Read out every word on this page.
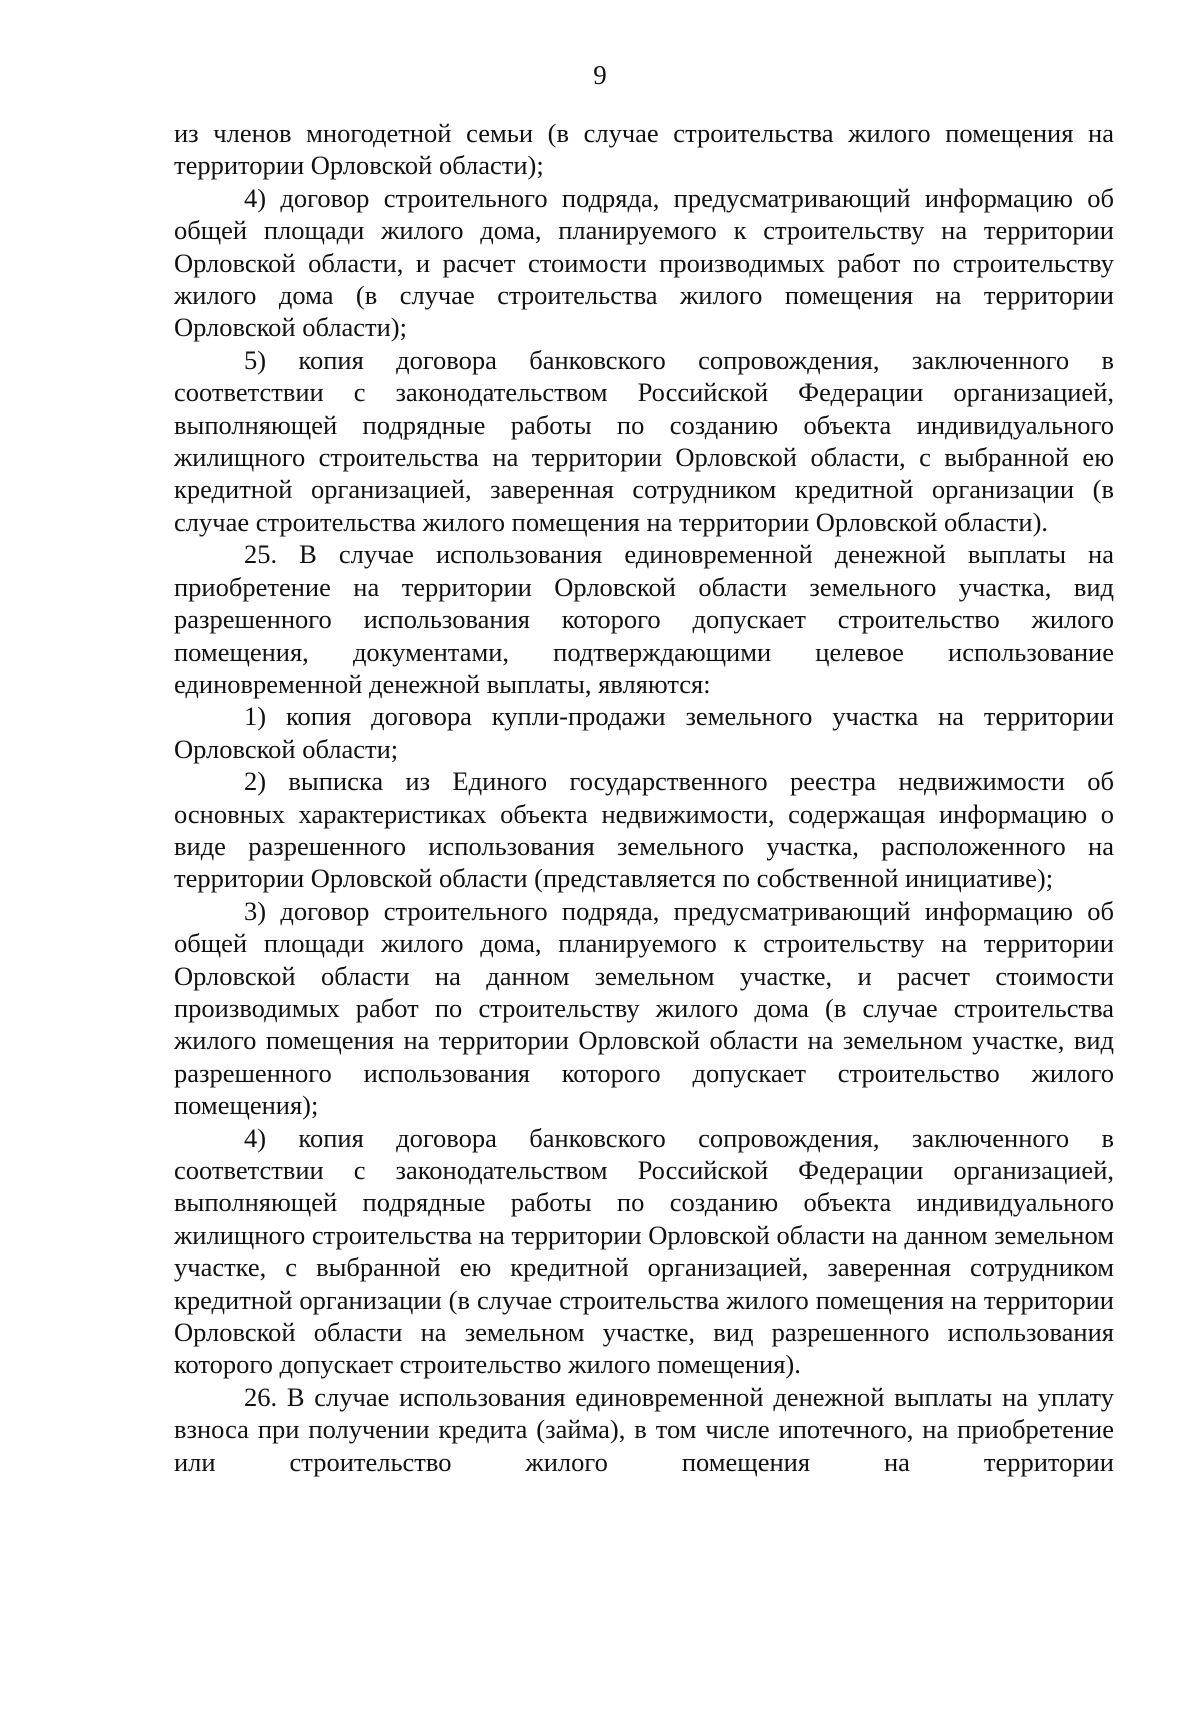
9

из членов многодетной семьи (в случае строительства жилого помещения на территории Орловской области);

4) договор строительного подряда, предусматривающий информацию об общей площади жилого дома, планируемого к строительству на территории Орловской области, и расчет стоимости производимых работ по строительству жилого дома (в случае строительства жилого помещения на территории Орловской области);

5) копия договора банковского сопровождения, заключенного в соответствии с законодательством Российской Федерации организацией, выполняющей подрядные работы по созданию объекта индивидуального жилищного строительства на территории Орловской области, с выбранной ею кредитной организацией, заверенная сотрудником кредитной организации (в случае строительства жилого помещения на территории Орловской области).

25. В случае использования единовременной денежной выплаты на приобретение на территории Орловской области земельного участка, вид разрешенного использования которого допускает строительство жилого помещения, документами, подтверждающими целевое использование единовременной денежной выплаты, являются:

1) копия договора купли-продажи земельного участка на территории Орловской области;

2) выписка из Единого государственного реестра недвижимости об основных характеристиках объекта недвижимости, содержащая информацию о виде разрешенного использования земельного участка, расположенного на территории Орловской области (представляется по собственной инициативе);

3) договор строительного подряда, предусматривающий информацию об общей площади жилого дома, планируемого к строительству на территории Орловской области на данном земельном участке, и расчет стоимости производимых работ по строительству жилого дома (в случае строительства жилого помещения на территории Орловской области на земельном участке, вид разрешенного использования которого допускает строительство жилого помещения);

4) копия договора банковского сопровождения, заключенного в соответствии с законодательством Российской Федерации организацией, выполняющей подрядные работы по созданию объекта индивидуального жилищного строительства на территории Орловской области на данном земельном участке, с выбранной ею кредитной организацией, заверенная сотрудником кредитной организации (в случае строительства жилого помещения на территории Орловской области на земельном участке, вид разрешенного использования которого допускает строительство жилого помещения).

26. В случае использования единовременной денежной выплаты на уплату взноса при получении кредита (займа), в том числе ипотечного, на приобретение или строительство жилого помещения на территории
